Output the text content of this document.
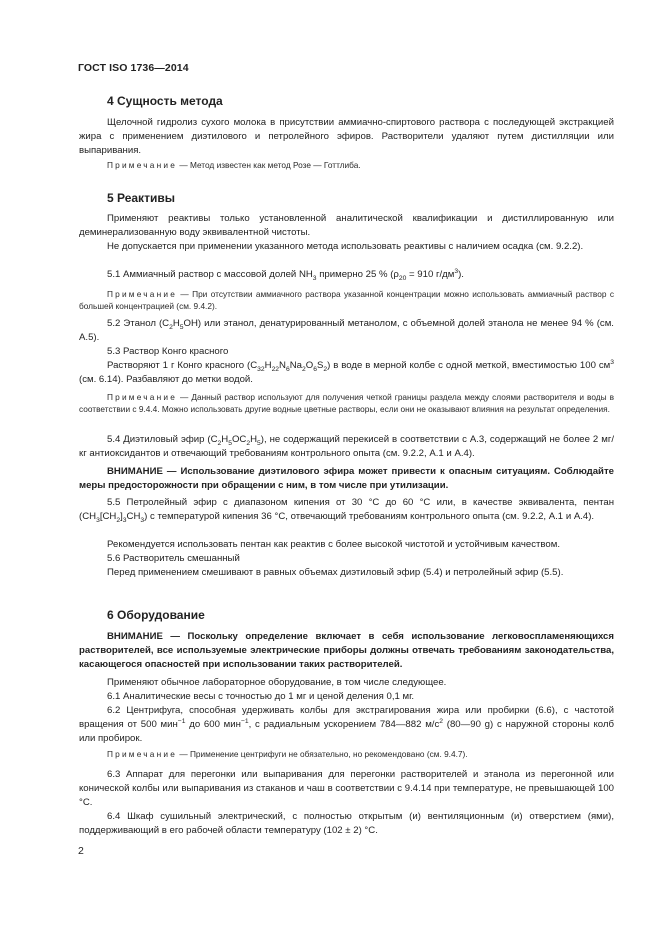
ГОСТ ISO 1736—2014
4 Сущность метода

Щелочной гидролиз сухого молока в присутствии аммиачно-спиртового раствора с последующей экстракцией жира с применением диэтилового и петролейного эфиров. Растворители удаляют путем дистилляции или выпаривания.

Примечание — Метод известен как метод Розе — Готтлиба.

5 Реактивы

Применяют реактивы только установленной аналитической квалификации и дистиллированную или деминерализованную воду эквивалентной чистоты.

Не допускается при применении указанного метода использовать реактивы с наличием осадка (см. 9.2.2).

5.1 Аммиачный раствор с массовой долей $NH_3$ примерно 25 % ($\rho_{20} = 910$ $г/дм^3$).

Примечание — При отсутствии аммиачного раствора указанной концентрации можно использовать аммиачный раствор с большей концентрацией (см. 9.4.2).

5.2 Этанол $(C_2H_5OH)$ или этанол, денатурированный метанолом, с объемной долей этанола не менее 94 % (см. А.5).

5.3 Раствор Конго красного

Растворяют 1 г Конго красного $(C_{32}H_{22}N_6Na_2O_6S_2)$ в воде в мерной колбе с одной меткой, вместимостью 100 $см^3$ (см. 6.14). Разбавляют до метки водой.

Примечание — Данный раствор используют для получения четкой границы раздела между слоями растворителя и воды в соответствии с 9.4.4. Можно использовать другие водные цветные растворы, если они не оказывают влияния на результат определения.

5.4 Диэтиловый эфир $(C_2H_5OC_2H_5)$, не содержащий перекисей в соответствии с А.3, содержащий не более 2 мг/кг антиоксидантов и отвечающий требованиям контрольного опыта (см. 9.2.2, А.1 и А.4).

ВНИМАНИЕ — Использование диэтилового эфира может привести к опасным ситуациям. Соблюдайте меры предосторожности при обращении с ним, в том числе при утилизации.

5.5 Петролейный эфир с диапазоном кипения от 30 °С до 60 °С или, в качестве эквивалента, пентан $(CH_3[CH_2]_3CH_3)$ с температурой кипения 36 °С, отвечающий требованиям контрольного опыта (см. 9.2.2, А.1 и А.4).

Рекомендуется использовать пентан как реактив с более высокой чистотой и устойчивым качеством.

5.6 Растворитель смешанный

Перед применением смешивают в равных объемах диэтиловый эфир (5.4) и петролейный эфир (5.5).

6 Оборудование

ВНИМАНИЕ — Поскольку определение включает в себя использование легковоспламеняющихся растворителей, все используемые электрические приборы должны отвечать требованиям законодательства, касающегося опасностей при использовании таких растворителей.

Применяют обычное лабораторное оборудование, в том числе следующее.

6.1 Аналитические весы с точностью до 1 мг и ценой деления 0,1 мг.

6.2 Центрифуга, способная удерживать колбы для экстрагирования жира или пробирки (6.6), с частотой вращения от 500 мин$^{-1}$ до 600 мин$^{-1}$, с радиальным ускорением 784—882 $м/с^2$ (80—90 g) с наружной стороны колб или пробирок.

Примечание — Применение центрифуги не обязательно, но рекомендовано (см. 9.4.7).

6.3 Аппарат для перегонки или выпаривания для перегонки растворителей и этанола из перегонной или конической колбы или выпаривания из стаканов и чаш в соответствии с 9.4.14 при температуре, не превышающей 100 °С.

6.4 Шкаф сушильный электрический, с полностью открытым (и) вентиляционным (и) отверстием (ями), поддерживающий в его рабочей области температуру (102 ± 2) °С.

2
